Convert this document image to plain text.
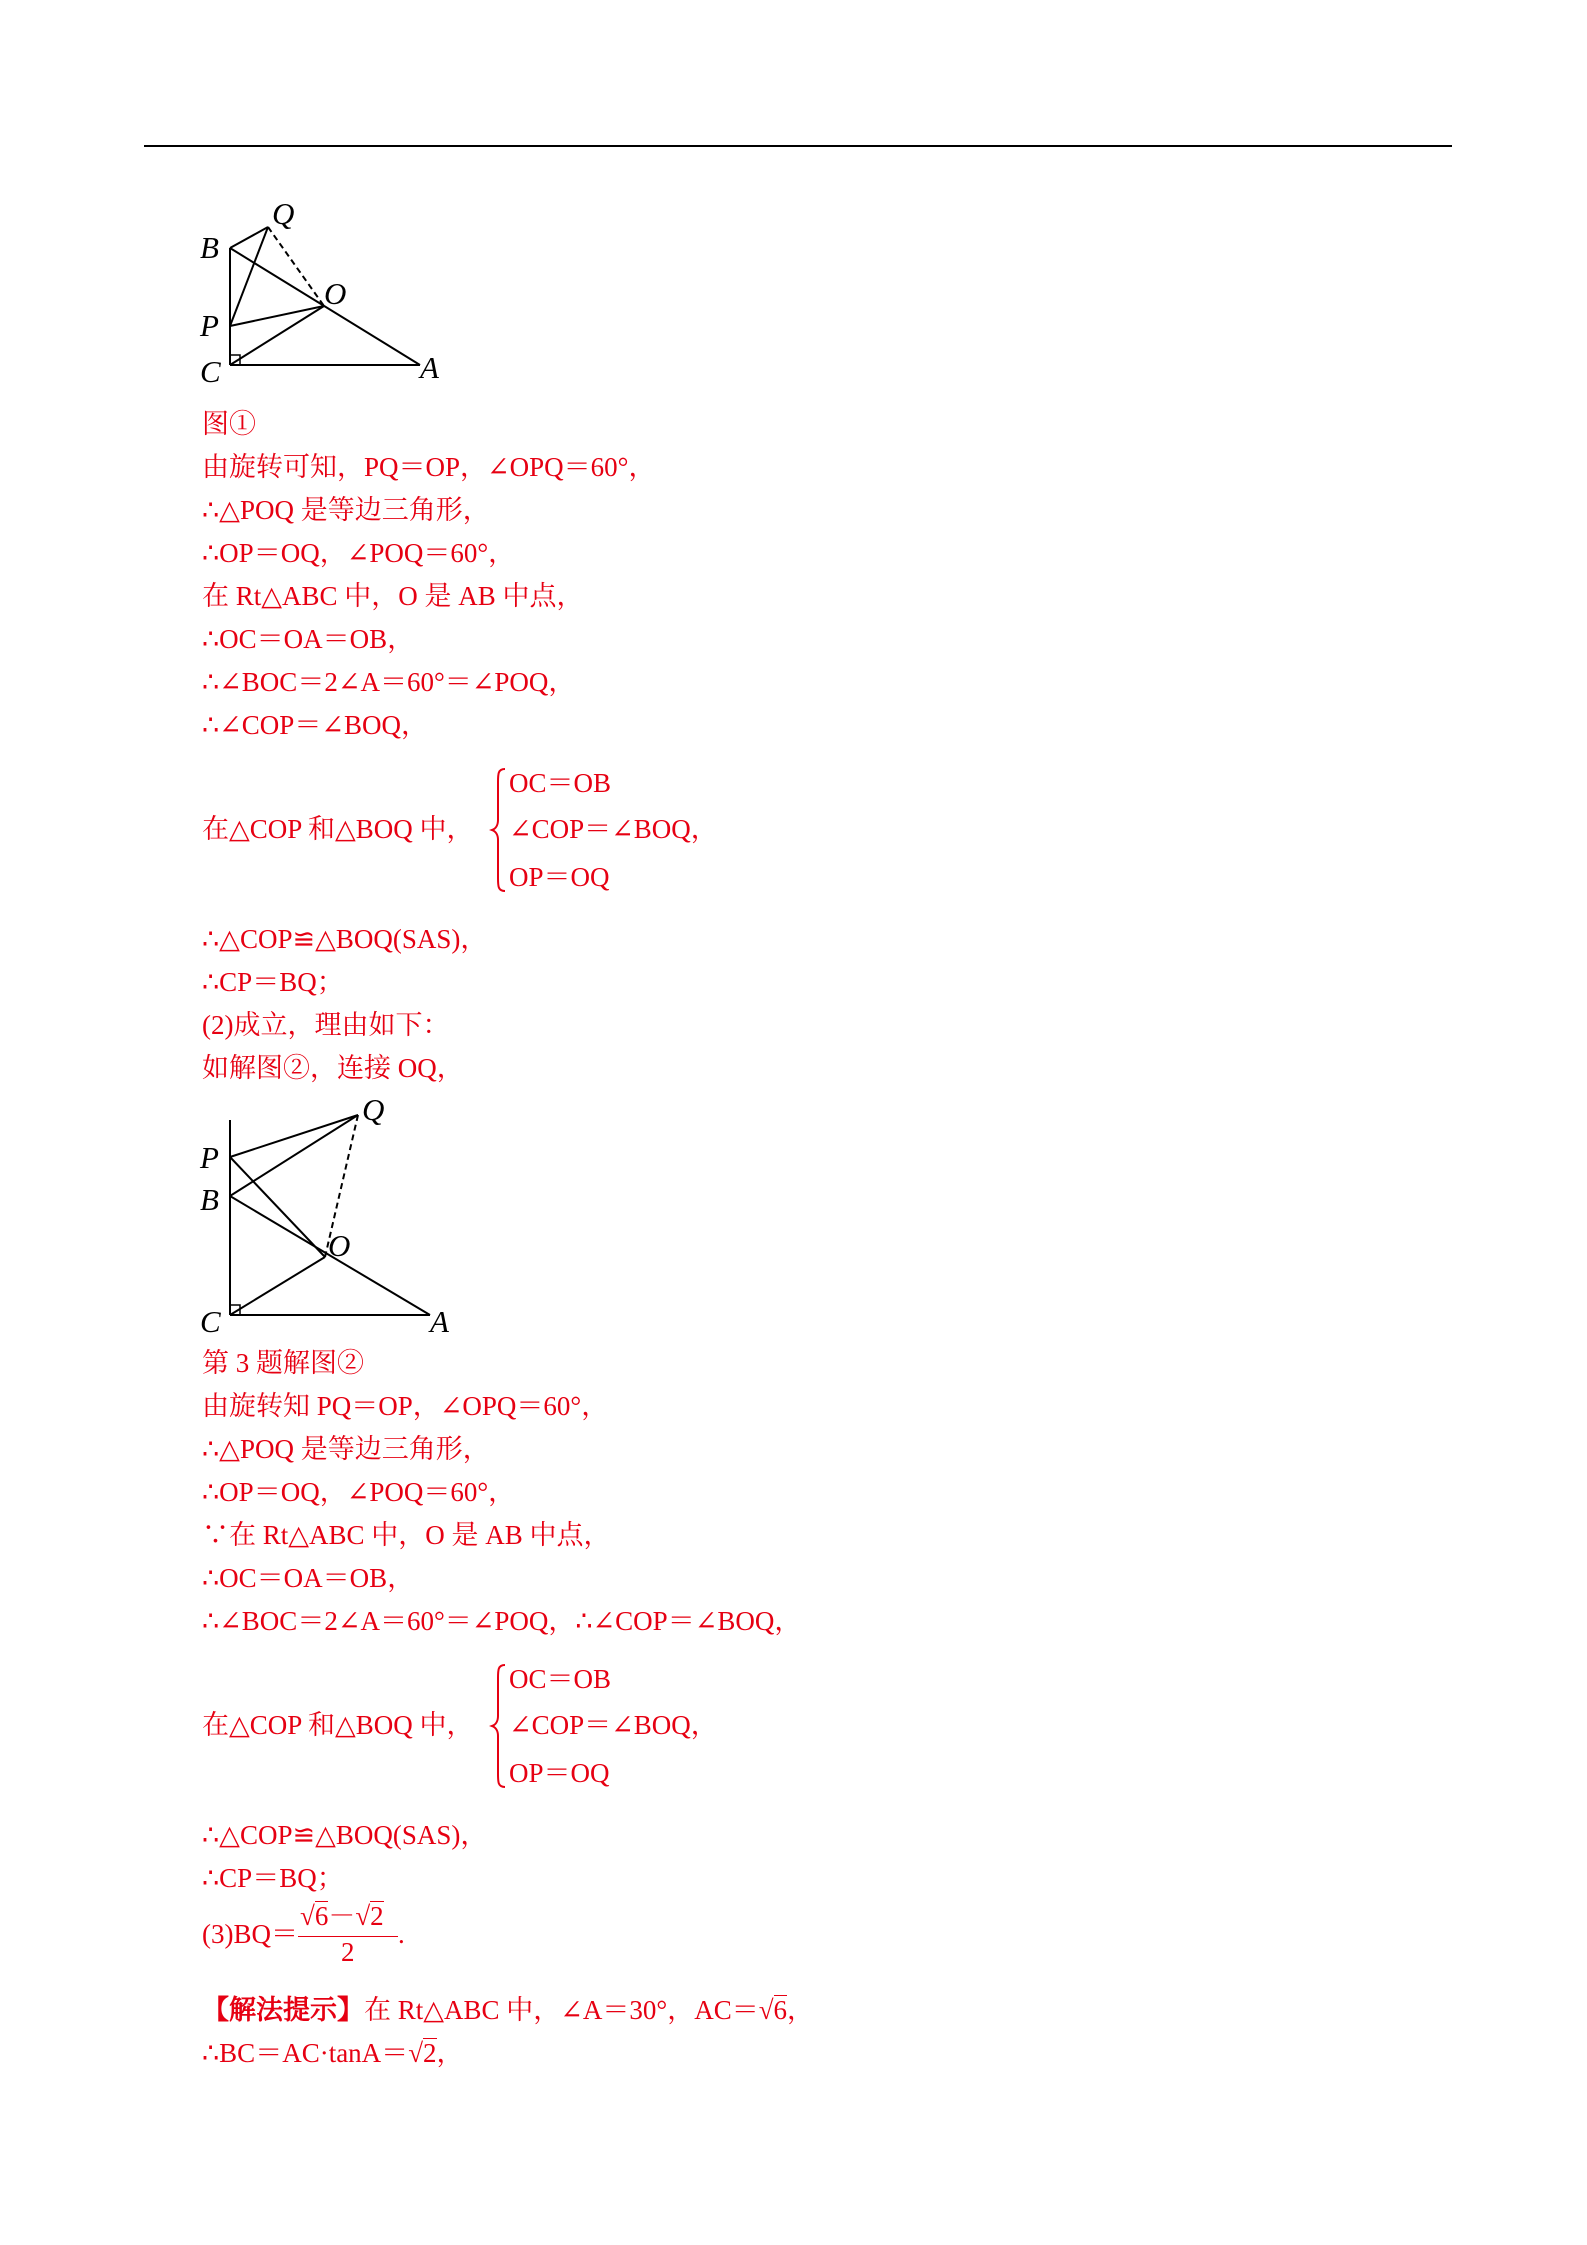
B
Q
P
O
C	A
图①
由旋转可知，PQ＝OP，∠OPQ＝60°，
∴△POQ 是等边三角形，
∴OP＝OQ，∠POQ＝60°，
在 Rt△ABC 中，O 是 AB 中点，
∴OC＝OA＝OB，
∴∠BOC＝2∠A＝60°＝∠POQ，
∴∠COP＝∠BOQ，
在△COP 和△BOQ 中，
OC＝OB
∠COP＝∠BOQ，
OP＝OQ
∴△COP≌△BOQ(SAS)，
∴CP＝BQ；
(2)成立，理由如下：
如解图②，连接 OQ，
Q
P
B
O
C	A
第 3 题解图②
由旋转知 PQ＝OP，∠OPQ＝60°，
∴△POQ 是等边三角形，
∴OP＝OQ，∠POQ＝60°，
∵在 Rt△ABC 中，O 是 AB 中点，
∴OC＝OA＝OB，
∴∠BOC＝2∠A＝60°＝∠POQ，∴∠COP＝∠BOQ，
在△COP 和△BOQ 中，
OC＝OB
∠COP＝∠BOQ，
OP＝OQ
∴△COP≌△BOQ(SAS)，
∴CP＝BQ；
(3)BQ＝
√6－√2
2
.
【解法提示】在 Rt△ABC 中，∠A＝30°，AC＝√6，
∴BC＝AC·tanA＝√2，
